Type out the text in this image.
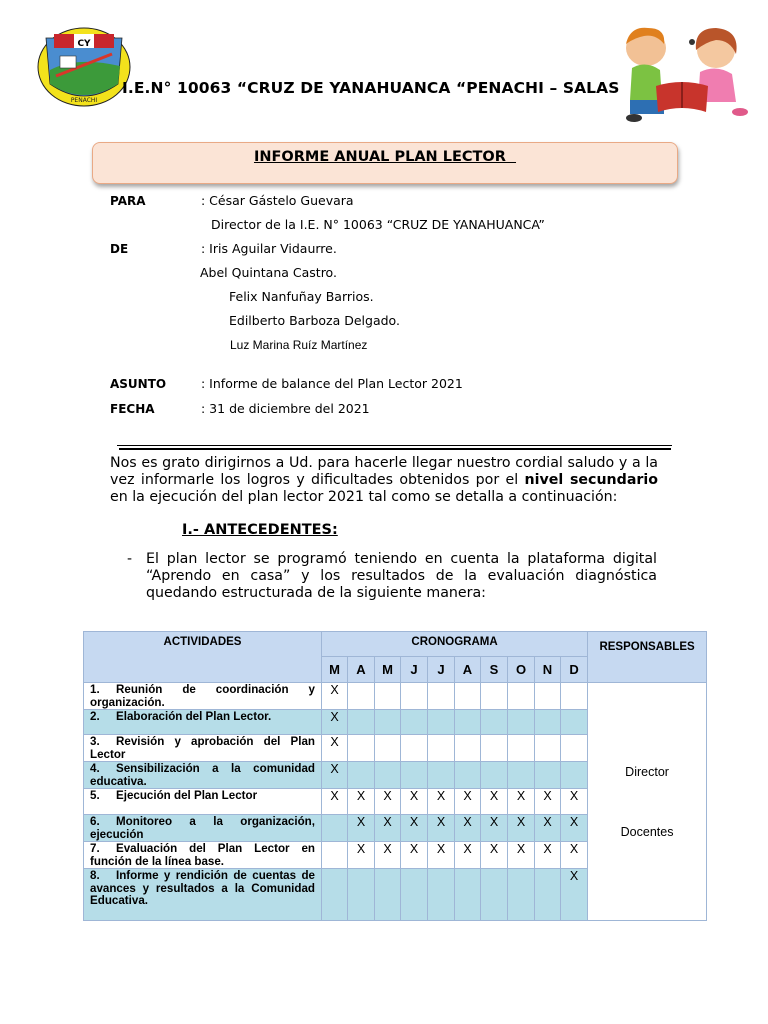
CY
PENACHI
I.E.N° 10063 “CRUZ DE YANAHUANCA “PENACHI – SALAS
INFORME ANUAL PLAN LECTOR
PARA	: César Gástelo Guevara
Director de la I.E. N° 10063 “CRUZ DE YANAHUANCA”
DE	: Iris Aguilar Vidaurre.
Abel Quintana Castro.
Felix Nanfuñay Barrios.
Edilberto Barboza Delgado.
Luz Marina Ruíz Martínez
ASUNTO	: Informe de balance del Plan Lector 2021
FECHA	: 31 de diciembre del 2021
Nos es grato dirigirnos a Ud. para hacerle llegar nuestro cordial saludo y a la
vez informarle los logros y dificultades obtenidos por el nivel secundario
en la ejecución del plan lector 2021 tal como se detalla a continuación:
I.- ANTECEDENTES:
- El plan lector se programó teniendo en cuenta la plataforma digital
“Aprendo en casa” y los resultados de la evaluación diagnóstica
quedando estructurada de la siguiente manera:
ACTIVIDADES	CRONOGRAMA										RESPONSABLES
	M	A	M	J	J	A	S	O	N	D	
1. Reunión de coordinación y organización.	X										Director
Docentes

2. Elaboración del Plan Lector.	X										
3. Revisión y aprobación del Plan Lector	X										
4. Sensibilización a la comunidad educativa.	X										
5. Ejecución del Plan Lector	X	X	X	X	X	X	X	X	X	X	
6. Monitoreo a la organización, ejecución		X	X	X	X	X	X	X	X	X	
7. Evaluación del Plan Lector en función de la línea base.		X	X	X	X	X	X	X	X	X	
8. Informe y rendición de cuentas de avances y resultados a la Comunidad Educativa.										X	
